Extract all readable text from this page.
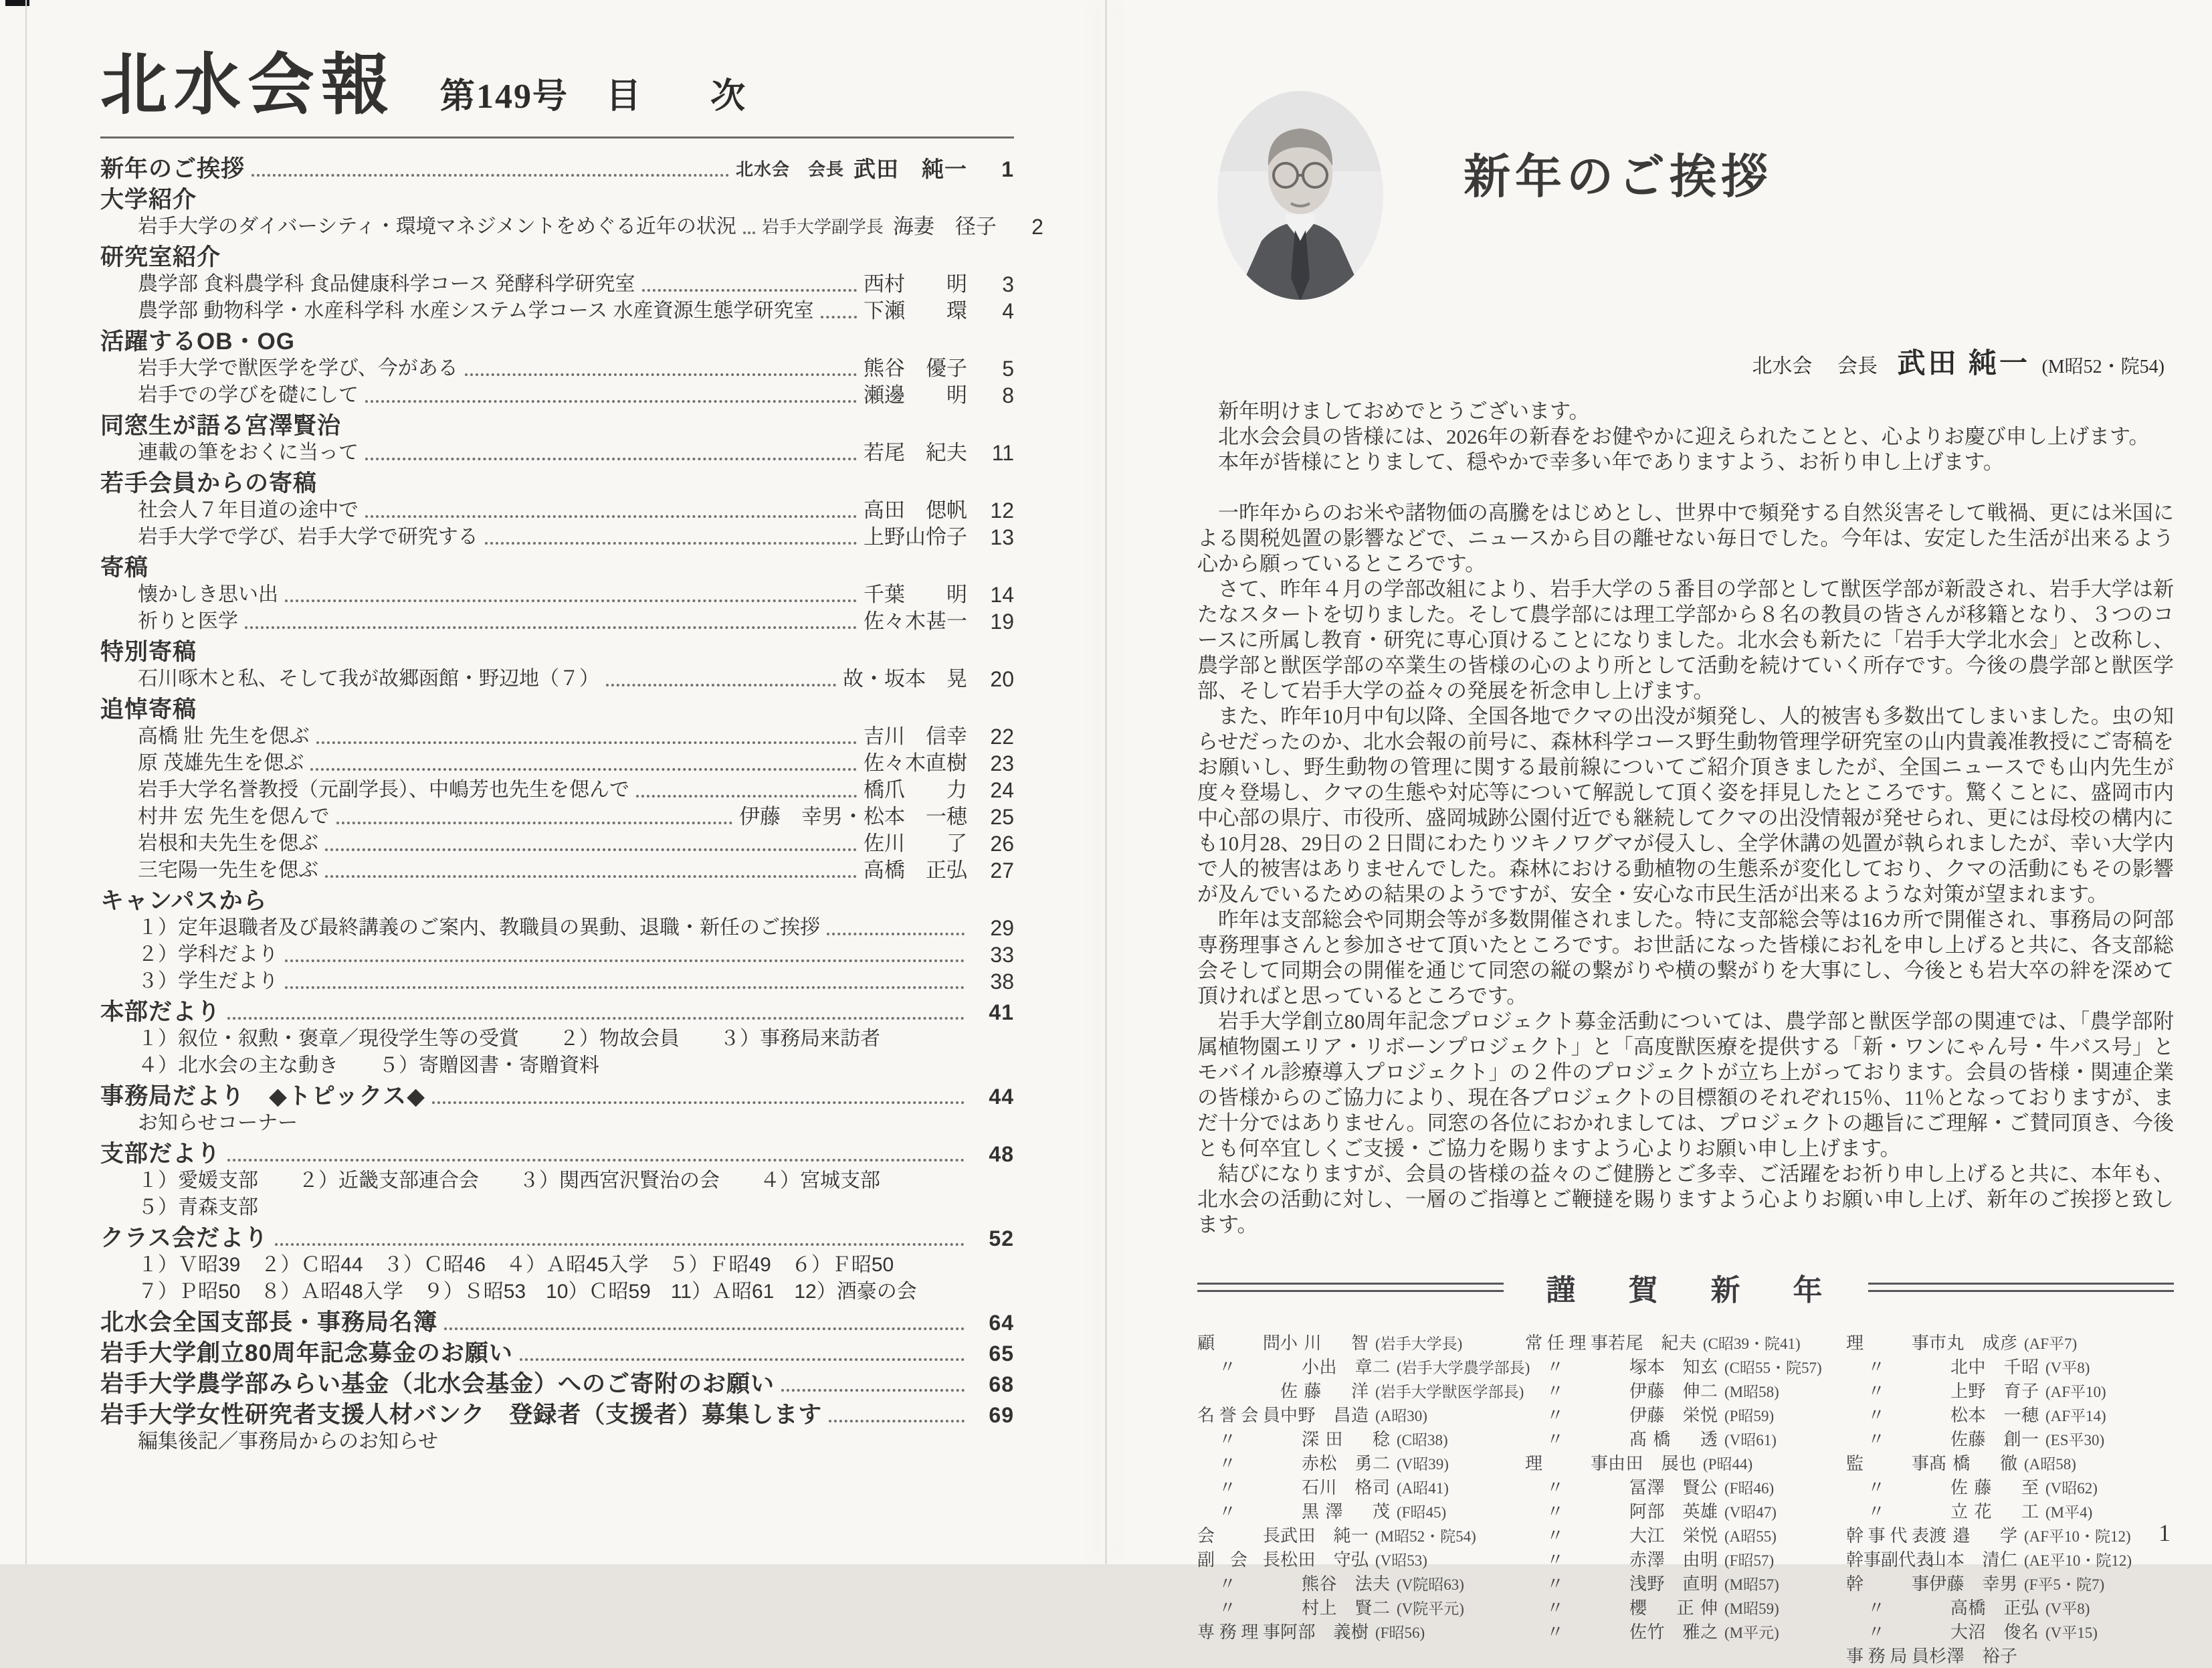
北水会報 第149号 目　次
新年のご挨拶	北水会　会長 武田　純一	1
大学紹介
岩手大学のダイバーシティ・環境マネジメントをめぐる近年の状況 岩手大学副学長 海妻　径子	2
研究室紹介
農学部 食料農学科 食品健康科学コース 発酵科学研究室	西村　　明	3
農学部 動物科学・水産科学科 水産システム学コース 水産資源生態学研究室 下瀬　　環	4
活躍するOB・OG
岩手大学で獣医学を学び、今がある	熊谷　優子	5
岩手での学びを礎にして	瀬邊　　明	8
同窓生が語る宮澤賢治
連載の筆をおくに当って	若尾　紀夫	11
若手会員からの寄稿
社会人７年目道の途中で	高田　偲帆	12
岩手大学で学び、岩手大学で研究する	上野山怜子	13
寄稿
懐かしき思い出	千葉　　明	14
祈りと医学	佐々木甚一	19
特別寄稿
石川啄木と私、そして我が故郷函館・野辺地（７）	故・坂本　晃	20
追悼寄稿
高橋 壯 先生を偲ぶ	吉川　信幸	22
原 茂雄先生を偲ぶ	佐々木直樹	23
岩手大学名誉教授（元副学長）、中嶋芳也先生を偲んで	橋爪　　力	24
村井 宏 先生を偲んで	伊藤　幸男・松本　一穂	25
岩根和夫先生を偲ぶ	佐川　　了	26
三宅陽一先生を偲ぶ	高橋　正弘	27
キャンパスから
１）定年退職者及び最終講義のご案内、教職員の異動、退職・新任のご挨拶	29
２）学科だより	33
３）学生だより	38
本部だより	41
１）叙位・叙勲・褒章／現役学生等の受賞　　２）物故会員　　３）事務局来訪者
４）北水会の主な動き　　５）寄贈図書・寄贈資料
事務局だより　◆トピックス◆	44
お知らせコーナー
支部だより	48
１）愛媛支部　　２）近畿支部連合会　　３）関西宮沢賢治の会　　４）宮城支部
５）青森支部
クラス会だより	52
１）Ｖ昭39　２）Ｃ昭44　３）Ｃ昭46　４）Ａ昭45入学　５）Ｆ昭49　６）Ｆ昭50
７）Ｐ昭50　８）Ａ昭48入学　９）Ｓ昭53　10）Ｃ昭59　11）Ａ昭61　12）酒豪の会
北水会全国支部長・事務局名簿	64
岩手大学創立80周年記念募金のお願い	65
岩手大学農学部みらい基金（北水会基金）へのご寄附のお願い	68
岩手大学女性研究者支援人材バンク　登録者（支援者）募集します	69
編集後記／事務局からのお知らせ
新年のご挨拶
北水会　 会長 武田 純一 (M昭52・院54)

新年明けましておめでとうございます。

北水会会員の皆様には、2026年の新春をお健やかに迎えられたことと、心よりお慶び申し上げます。

本年が皆様にとりまして、穏やかで幸多い年でありますよう、お祈り申し上げます。

一昨年からのお米や諸物価の高騰をはじめとし、世界中で頻発する自然災害そして戦禍、更には米国による関税処置の影響などで、ニュースから目の離せない毎日でした。今年は、安定した生活が出来るよう心から願っているところです。

さて、昨年４月の学部改組により、岩手大学の５番目の学部として獣医学部が新設され、岩手大学は新たなスタートを切りました。そして農学部には理工学部から８名の教員の皆さんが移籍となり、３つのコースに所属し教育・研究に専心頂けることになりました。北水会も新たに「岩手大学北水会」と改称し、農学部と獣医学部の卒業生の皆様の心のより所として活動を続けていく所存です。今後の農学部と獣医学部、そして岩手大学の益々の発展を祈念申し上げます。

また、昨年10月中旬以降、全国各地でクマの出没が頻発し、人的被害も多数出てしまいました。虫の知らせだったのか、北水会報の前号に、森林科学コース野生動物管理学研究室の山内貴義准教授にご寄稿をお願いし、野生動物の管理に関する最前線についてご紹介頂きましたが、全国ニュースでも山内先生が度々登場し、クマの生態や対応等について解説して頂く姿を拝見したところです。驚くことに、盛岡市内中心部の県庁、市役所、盛岡城跡公園付近でも継続してクマの出没情報が発せられ、更には母校の構内にも10月28、29日の２日間にわたりツキノワグマが侵入し、全学休講の処置が執られましたが、幸い大学内で人的被害はありませんでした。森林における動植物の生態系が変化しており、クマの活動にもその影響が及んでいるための結果のようですが、安全・安心な市民生活が出来るような対策が望まれます。

昨年は支部総会や同期会等が多数開催されました。特に支部総会等は16カ所で開催され、事務局の阿部専務理事さんと参加させて頂いたところです。お世話になった皆様にお礼を申し上げると共に、各支部総会そして同期会の開催を通じて同窓の縦の繋がりや横の繋がりを大事にし、今後とも岩大卒の絆を深めて頂ければと思っているところです。

岩手大学創立80周年記念プロジェクト募金活動については、農学部と獣医学部の関連では、「農学部附属植物園エリア・リボーンプロジェクト」と「高度獣医療を提供する「新・ワンにゃん号・牛バス号」とモバイル診療導入プロジェクト」の２件のプロジェクトが立ち上がっております。会員の皆様・関連企業の皆様からのご協力により、現在各プロジェクトの目標額のそれぞれ15％、11％となっておりますが、まだ十分ではありません。同窓の各位におかれましては、プロジェクトの趣旨にご理解・ご賛同頂き、今後とも何卒宜しくご支援・ご協力を賜りますよう心よりお願い申し上げます。

結びになりますが、会員の皆様の益々のご健勝とご多幸、ご活躍をお祈り申し上げると共に、本年も、北水会の活動に対し、一層のご指導とご鞭撻を賜りますよう心よりお願い申し上げ、新年のご挨拶と致します。

謹 賀 新 年
顧　問 小川　智 (岩手大学長)
〃	小出　章二 (岩手大学農学部長)
佐藤　洋 (岩手大学獣医学部長)
名誉会員 中野　昌造 (A昭30)
〃	深田　稔 (C昭38)
〃	赤松　勇二 (V昭39)
〃	石川　格司 (A昭41)
〃	黒澤　茂 (F昭45)
会　長 武田　純一 (M昭52・院54)
副会長 松田　守弘 (V昭53)
〃	熊谷　法夫 (V院昭63)
〃	村上　賢二 (V院平元)
専務理事 阿部　義樹 (F昭56)
常任理事 若尾　紀夫 (C昭39・院41)
〃	塚本　知玄 (C昭55・院57)
〃	伊藤　伸二 (M昭58)
〃	伊藤　栄悦 (P昭59)
〃	髙橋　透 (V昭61)
理　事 由田　展也 (P昭44)
〃	冨澤　賢公 (F昭46)
〃	阿部　英雄 (V昭47)
〃	大江　栄悦 (A昭55)
〃	赤澤　由明 (F昭57)
〃	浅野　直明 (M昭57)
〃	櫻　正伸 (M昭59)
〃	佐竹　雅之 (M平元)
理　事 市丸　成彦 (AF平7)
〃	北中　千昭 (V平8)
〃	上野　育子 (AF平10)
〃	松本　一穂 (AF平14)
〃	佐藤　創一 (ES平30)
監　事 髙橋　徹 (A昭58)
〃	佐藤　至 (V昭62)
〃	立花　工 (M平4)
幹事代表 渡邉　学 (AF平10・院12)
幹事副代表
山本　清仁 (AE平10・院12)
幹　事 伊藤　幸男 (F平5・院7)
〃	高橋　正弘 (V平8)
〃	大沼　俊名 (V平15)
事務局員 杉澤　裕子
1
